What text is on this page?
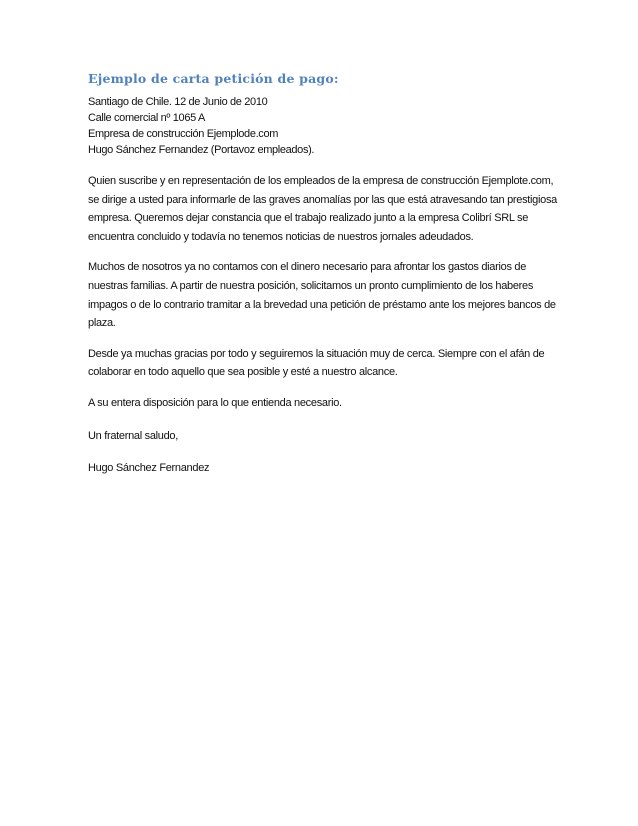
Ejemplo de carta petición de pago:

Santiago de Chile. 12 de Junio de 2010

Calle comercial nº 1065 A

Empresa de construcción Ejemplode.com

Hugo Sánchez Fernandez (Portavoz empleados).

Quien suscribe y en representación de los empleados de la empresa de construcción Ejemplote.com, se dirige a usted para informarle de las graves anomalías por las que está atravesando tan prestigiosa empresa. Queremos dejar constancia que el trabajo realizado junto a la empresa Colibrí SRL se encuentra concluido y todavía no tenemos noticias de nuestros jornales adeudados.

Muchos de nosotros ya no contamos con el dinero necesario para afrontar los gastos diarios de nuestras familias. A partir de nuestra posición, solicitamos un pronto cumplimiento de los haberes impagos o de lo contrario tramitar a la brevedad una petición de préstamo ante los mejores bancos de plaza.

Desde ya muchas gracias por todo y seguiremos la situación muy de cerca. Siempre con el afán de colaborar en todo aquello que sea posible y esté a nuestro alcance.

A su entera disposición para lo que entienda necesario.

Un fraternal saludo,

Hugo Sánchez Fernandez
